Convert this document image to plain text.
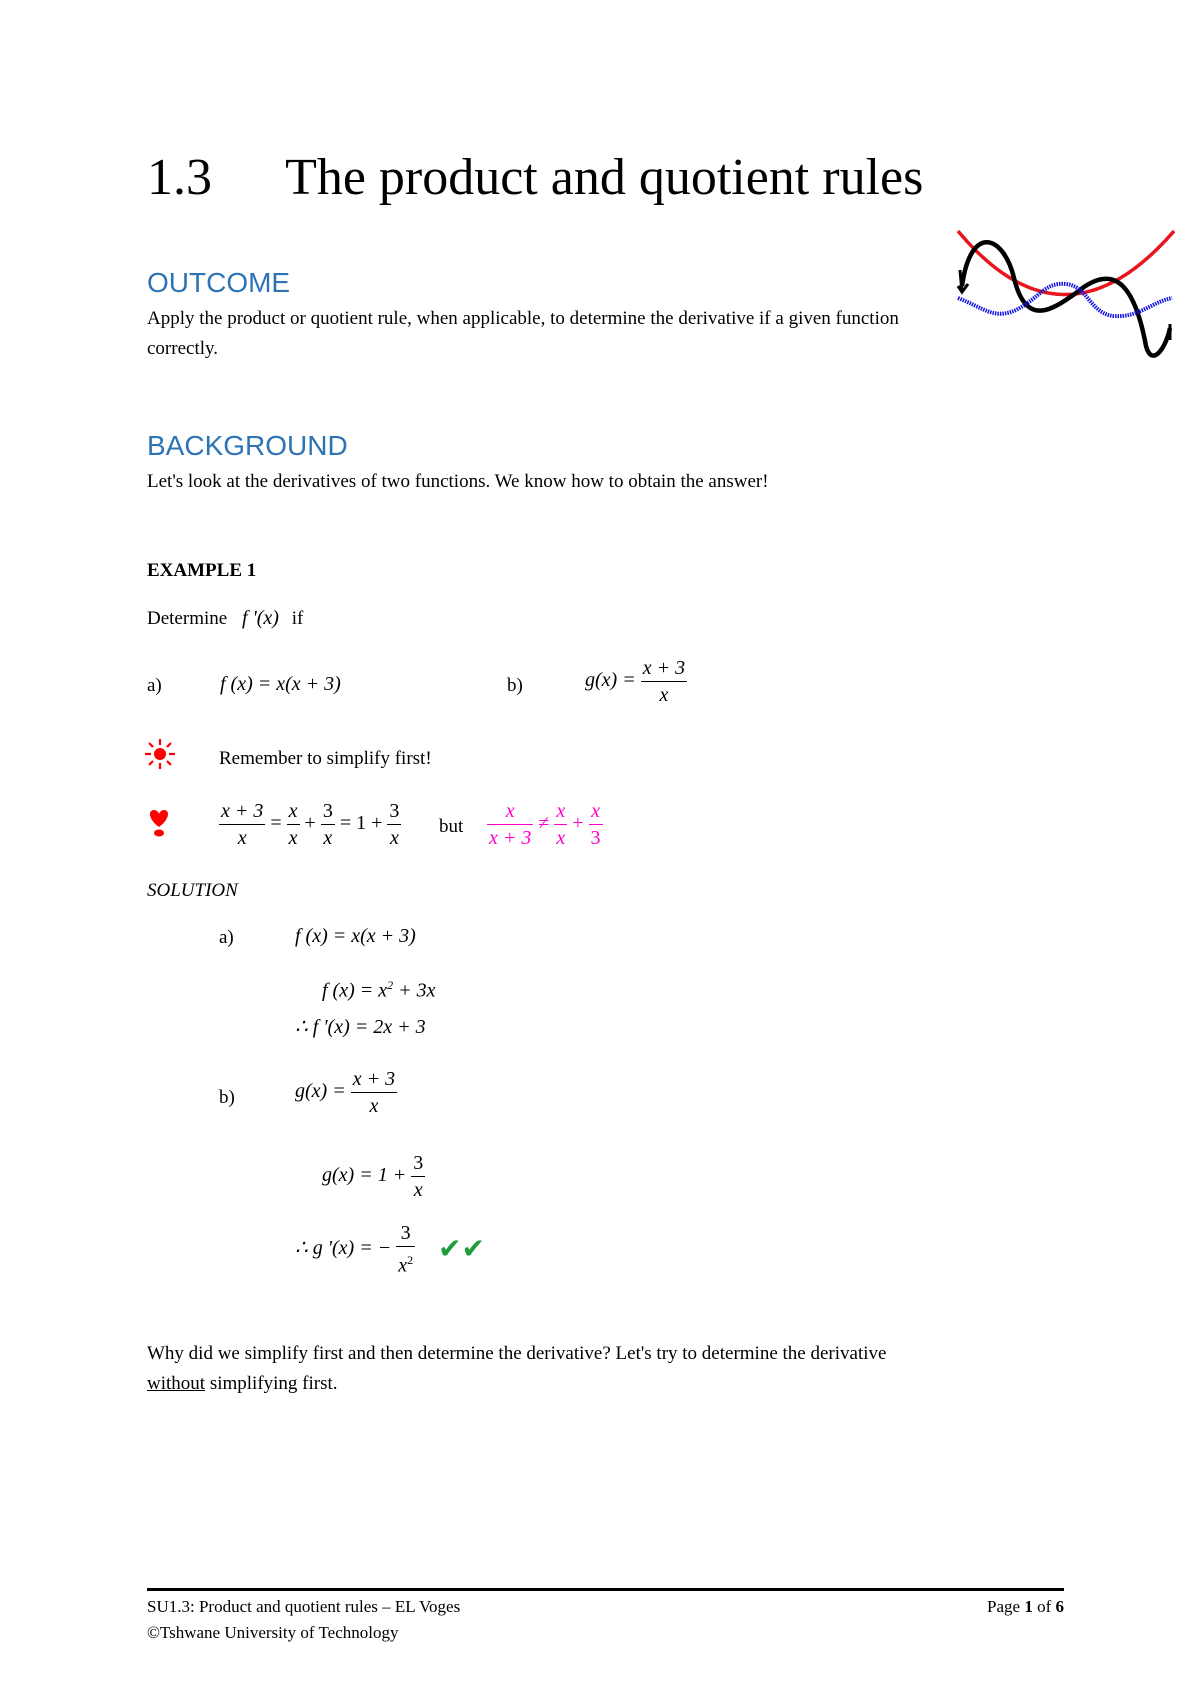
1.3 The product and quotient rules
OUTCOME
Apply the product or quotient rule, when applicable, to determine the derivative if a given function correctly.
BACKGROUND
Let's look at the derivatives of two functions. We know how to obtain the answer!
EXAMPLE 1
Determine f '(x) if
a)	f (x) = x(x + 3)	b)	$g(x) = \frac{x + 3}{x}$
Remember to simplify first!
$\frac{x + 3}{x} = \frac{x}{x} + \frac{3}{x} = 1 + \frac{3}{x}$ but $\frac{x}{x + 3} \ne \frac{x}{x} + \frac{x}{3}$
SOLUTION
a)	f (x) = x(x + 3)
f $(x) = x^2 + 3x$
∴ f '(x) = 2x + 3
b)	$g(x) = \frac{x + 3}{x}$
$g(x) = 1 + \frac{3}{x}$
∴ g '(x) = − $\frac{3}{x^2}$ ✔✔
Why did we simplify first and then determine the derivative? Let's try to determine the derivative
without simplifying first.
SU1.3: Product and quotient rules – EL Voges
©Tshwane University of Technology
Page 1 of 6
